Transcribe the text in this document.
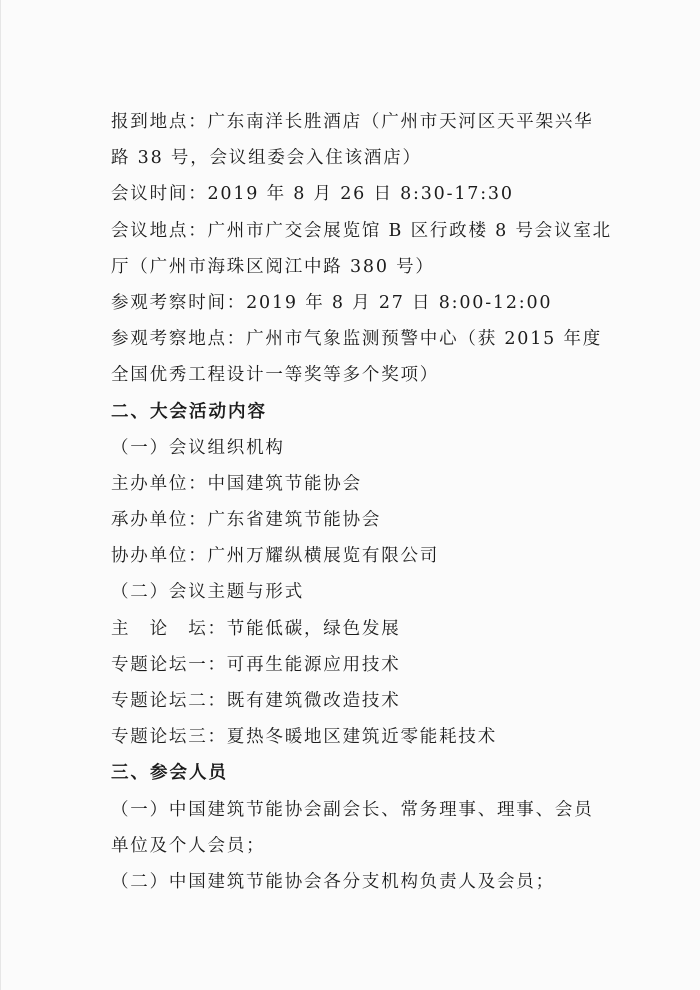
报到地点：广东南洋长胜酒店（广州市天河区天平架兴华
路 38 号，会议组委会入住该酒店）
会议时间：2019 年 8 月 26 日 8:30-17:30
会议地点：广州市广交会展览馆 B 区行政楼 8 号会议室北
厅（广州市海珠区阅江中路 380 号）
参观考察时间：2019 年 8 月 27 日 8:00-12:00
参观考察地点：广州市气象监测预警中心（获 2015 年度
全国优秀工程设计一等奖等多个奖项）
二、大会活动内容
（一）会议组织机构
主办单位：中国建筑节能协会
承办单位：广东省建筑节能协会
协办单位：广州万耀纵横展览有限公司
（二）会议主题与形式
主　论　坛：节能低碳，绿色发展
专题论坛一：可再生能源应用技术
专题论坛二：既有建筑微改造技术
专题论坛三：夏热冬暖地区建筑近零能耗技术
三、参会人员
（一）中国建筑节能协会副会长、常务理事、理事、会员
单位及个人会员；
（二）中国建筑节能协会各分支机构负责人及会员；
